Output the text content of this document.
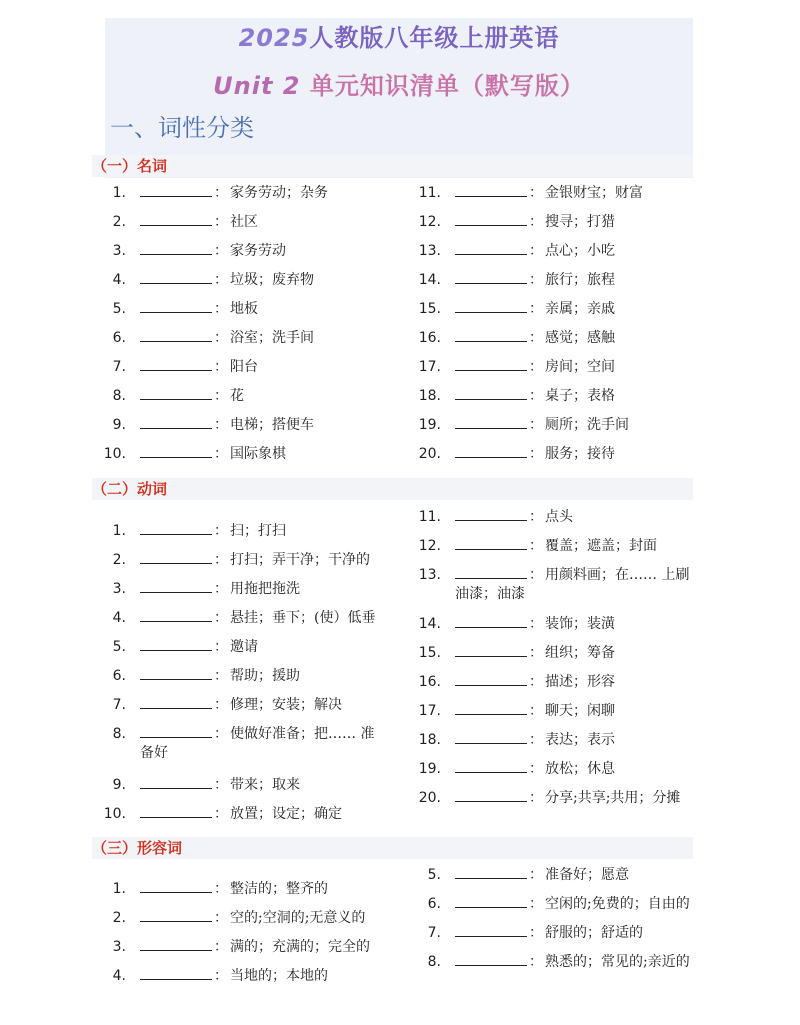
2025人教版八年级上册英语
Unit 2 单元知识清单（默写版）
一、词性分类
（一）名词
（二）动词
（三）形容词
1.	： 家务劳动；杂务
2.	： 社区
3.	： 家务劳动
4.	： 垃圾；废弃物
5.	： 地板
6.	： 浴室；洗手间
7.	： 阳台
8.	： 花
9.	： 电梯；搭便车
10.	： 国际象棋
11.	： 金银财宝；财富
12.	： 搜寻；打猎
13.	： 点心；小吃
14.	： 旅行；旅程
15.	： 亲属；亲戚
16.	： 感觉；感触
17.	： 房间；空间
18.	： 桌子；表格
19.	： 厕所；洗手间
20.	： 服务；接待
1.	： 扫；打扫
2.	： 打扫；弄干净；干净的
3.	： 用拖把拖洗
4.	： 悬挂；垂下；(使）低垂
5.	： 邀请
6.	： 帮助；援助
7.	： 修理；安装；解决
8.	： 使做好准备；把…… 准
备好
9.	： 带来；取来
10.	： 放置；设定；确定
11.	： 点头
12.	： 覆盖；遮盖；封面
13.	： 用颜料画；在…… 上刷
油漆；油漆
14.	： 装饰；装潢
15.	： 组织；筹备
16.	： 描述；形容
17.	： 聊天；闲聊
18.	： 表达；表示
19.	： 放松；休息
20.	： 分享;共享;共用；分摊
1.	： 整洁的；整齐的
2.	： 空的;空洞的;无意义的
3.	： 满的；充满的；完全的
4.	： 当地的；本地的
5.	： 准备好；愿意
6.	： 空闲的;免费的；自由的
7.	： 舒服的；舒适的
8.	： 熟悉的；常见的;亲近的
